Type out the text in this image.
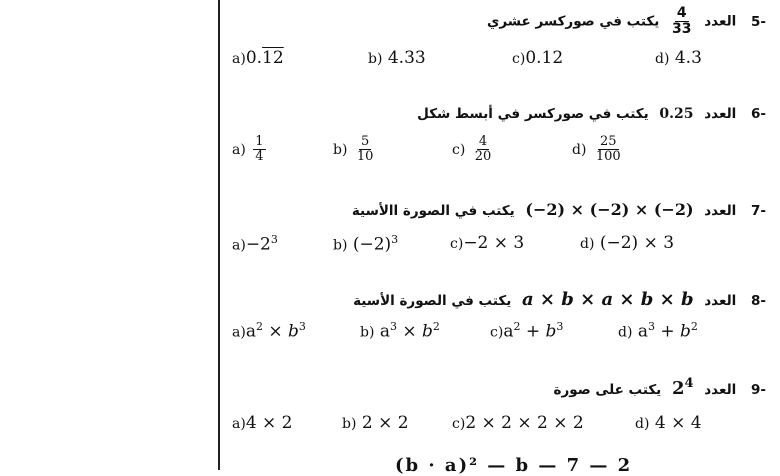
-5 العدد
$\frac{4}{33}$
يكتب في صوركسر عشري
a)0.12	b) 4.33	c)0.12	d) 4.3
-6 العدد 0.25 يكتب في صوركسر في أبسط شكل
$a) \frac{1}{4}$	$b) \frac{5}{10}$	$c) \frac{4}{20}$	$d) \frac{25}{100}$
-7 العدد (−2) × (−2) × (−2) يكتب في الصورة االأسية
$a)-2^3$	b) $(-2)^3$	c)−2 × 3	d) (−2) × 3
-8 العدد a × b × a × b × b يكتب في الصورة الأسية
$a)a^2 \times b^3$	b) $a^3 \times b^2$	$c)a^2 + b^3$	d) $a^3 + b^2$
-9 العدد $2^4$ يكتب على صورة
a)4 × 2	b) 2 × 2	c)2 × 2 × 2 × 2	d) 4 × 4
(b · a)² — b — 7 — 2
